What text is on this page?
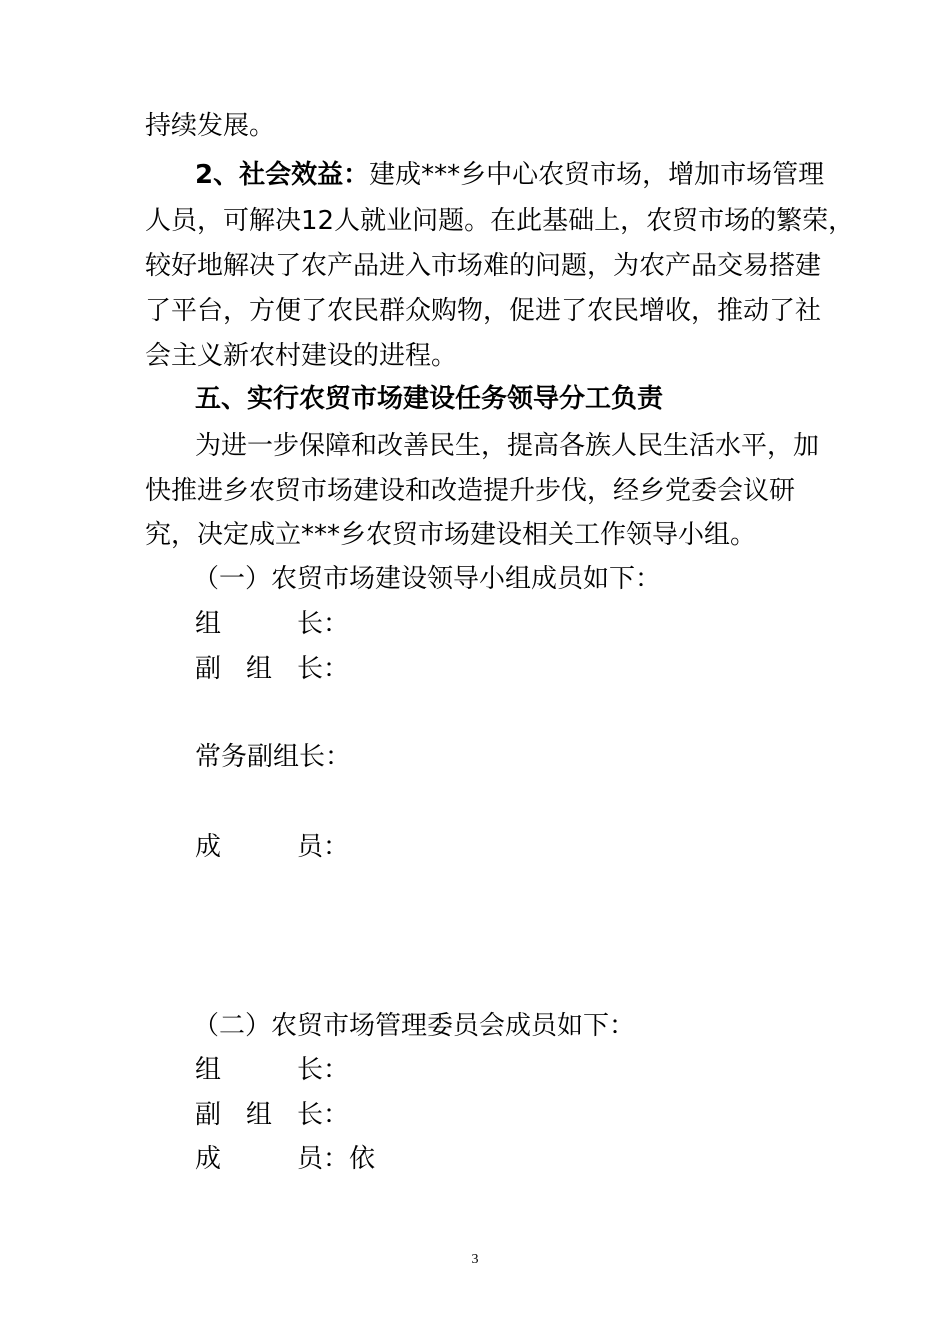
持续发展。
2、社会效益：建成***乡中心农贸市场，增加市场管理
人员，可解决12人就业问题。在此基础上，农贸市场的繁荣，
较好地解决了农产品进入市场难的问题，为农产品交易搭建
了平台，方便了农民群众购物，促进了农民增收，推动了社
会主义新农村建设的进程。
五、实行农贸市场建设任务领导分工负责
为进一步保障和改善民生，提高各族人民生活水平，加
快推进乡农贸市场建设和改造提升步伐，经乡党委会议研
究，决定成立***乡农贸市场建设相关工作领导小组。
（一）农贸市场建设领导小组成员如下：
组	长：
副 组 长：
常务副组长：
成	员：
（二）农贸市场管理委员会成员如下：
组	长：
副 组 长：
成	员：依
3
